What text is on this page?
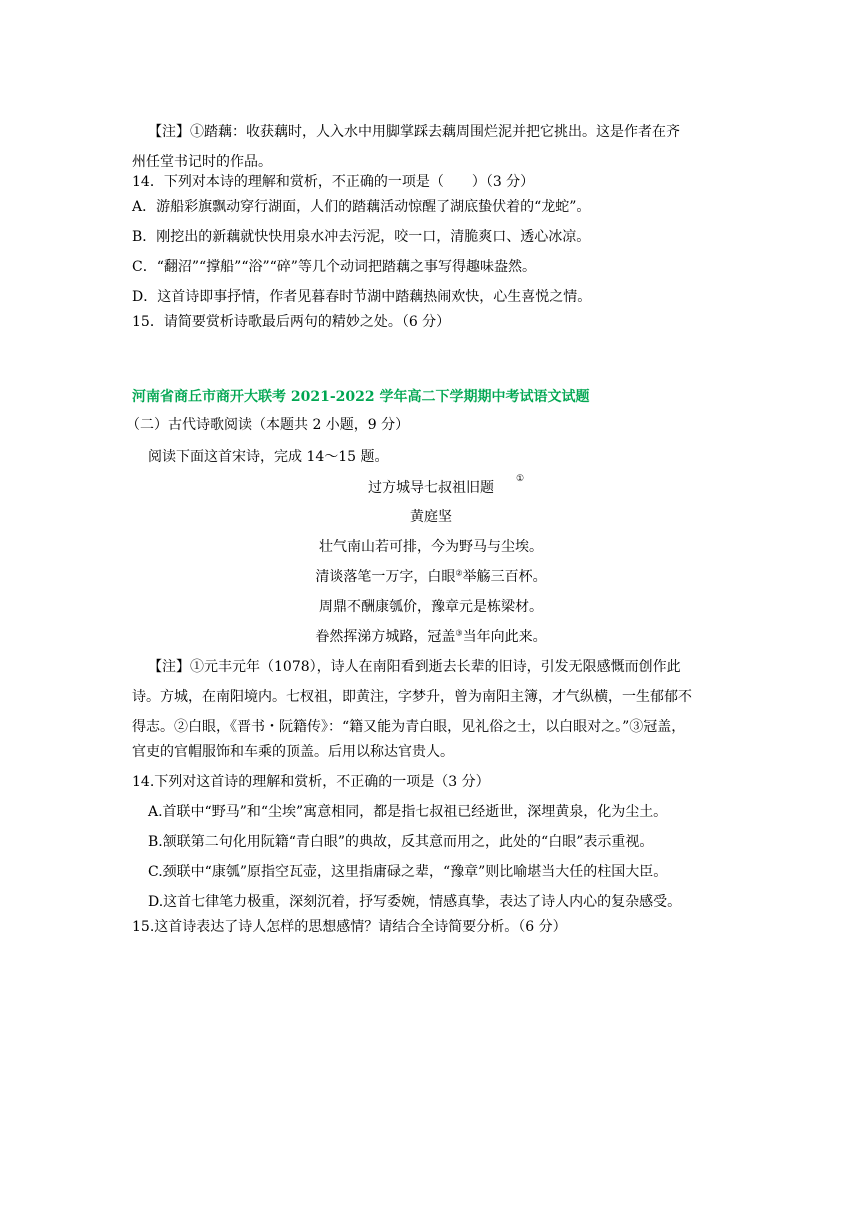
【注】①踏藕：收获藕时，人入水中用脚掌踩去藕周围烂泥并把它挑出。这是作者在齐
州任堂书记时的作品。
14．下列对本诗的理解和赏析，不正确的一项是（　　）（3 分）
A．游船彩旗飘动穿行湖面，人们的踏藕活动惊醒了湖底蛰伏着的“龙蛇”。
B．刚挖出的新藕就快快用泉水冲去污泥，咬一口，清脆爽口、透心冰凉。
C．“翻沼”“撑船”“浴”“碎”等几个动词把踏藕之事写得趣味盎然。
D．这首诗即事抒情，作者见暮春时节湖中踏藕热闹欢快，心生喜悦之情。
15．请简要赏析诗歌最后两句的精妙之处。（6 分）
河南省商丘市商开大联考 2021-2022 学年高二下学期期中考试语文试题
（二）古代诗歌阅读（本题共 2 小题，9 分）
阅读下面这首宋诗，完成 14～15 题。
过方城导七叔祖旧题
①
黄庭坚
壮气南山若可排，今为野马与尘埃。
清谈落笔一万字，白眼②举觞三百杯。
周鼎不酬康瓠价，豫章元是栋梁材。
眷然挥涕方城路，冠盖③当年向此来。
【注】①元丰元年（1078），诗人在南阳看到逝去长辈的旧诗，引发无限感慨而创作此
诗。方城，在南阳境内。七杈祖，即黄注，字梦升，曾为南阳主簿，才气纵横，一生郁郁不
得志。②白眼，《晋书・阮籍传》：“籍又能为青白眼，见礼俗之士，以白眼对之。”③冠盖，
官吏的官帽服饰和车乘的顶盖。后用以称达官贵人。
14.下列对这首诗的理解和赏析，不正确的一项是（3 分）
A.首联中“野马”和“尘埃”寓意相同，都是指七叔祖已经逝世，深埋黄泉，化为尘土。
B.颔联第二句化用阮籍“青白眼”的典故，反其意而用之，此处的“白眼”表示重视。
C.颈联中“康瓠”原指空瓦壶，这里指庸碌之辈，“豫章”则比喻堪当大任的柱国大臣。
D.这首七律笔力极重，深刻沉着，抒写委婉，情感真挚，表达了诗人内心的复杂感受。
15.这首诗表达了诗人怎样的思想感情？请结合全诗简要分析。（6 分）
